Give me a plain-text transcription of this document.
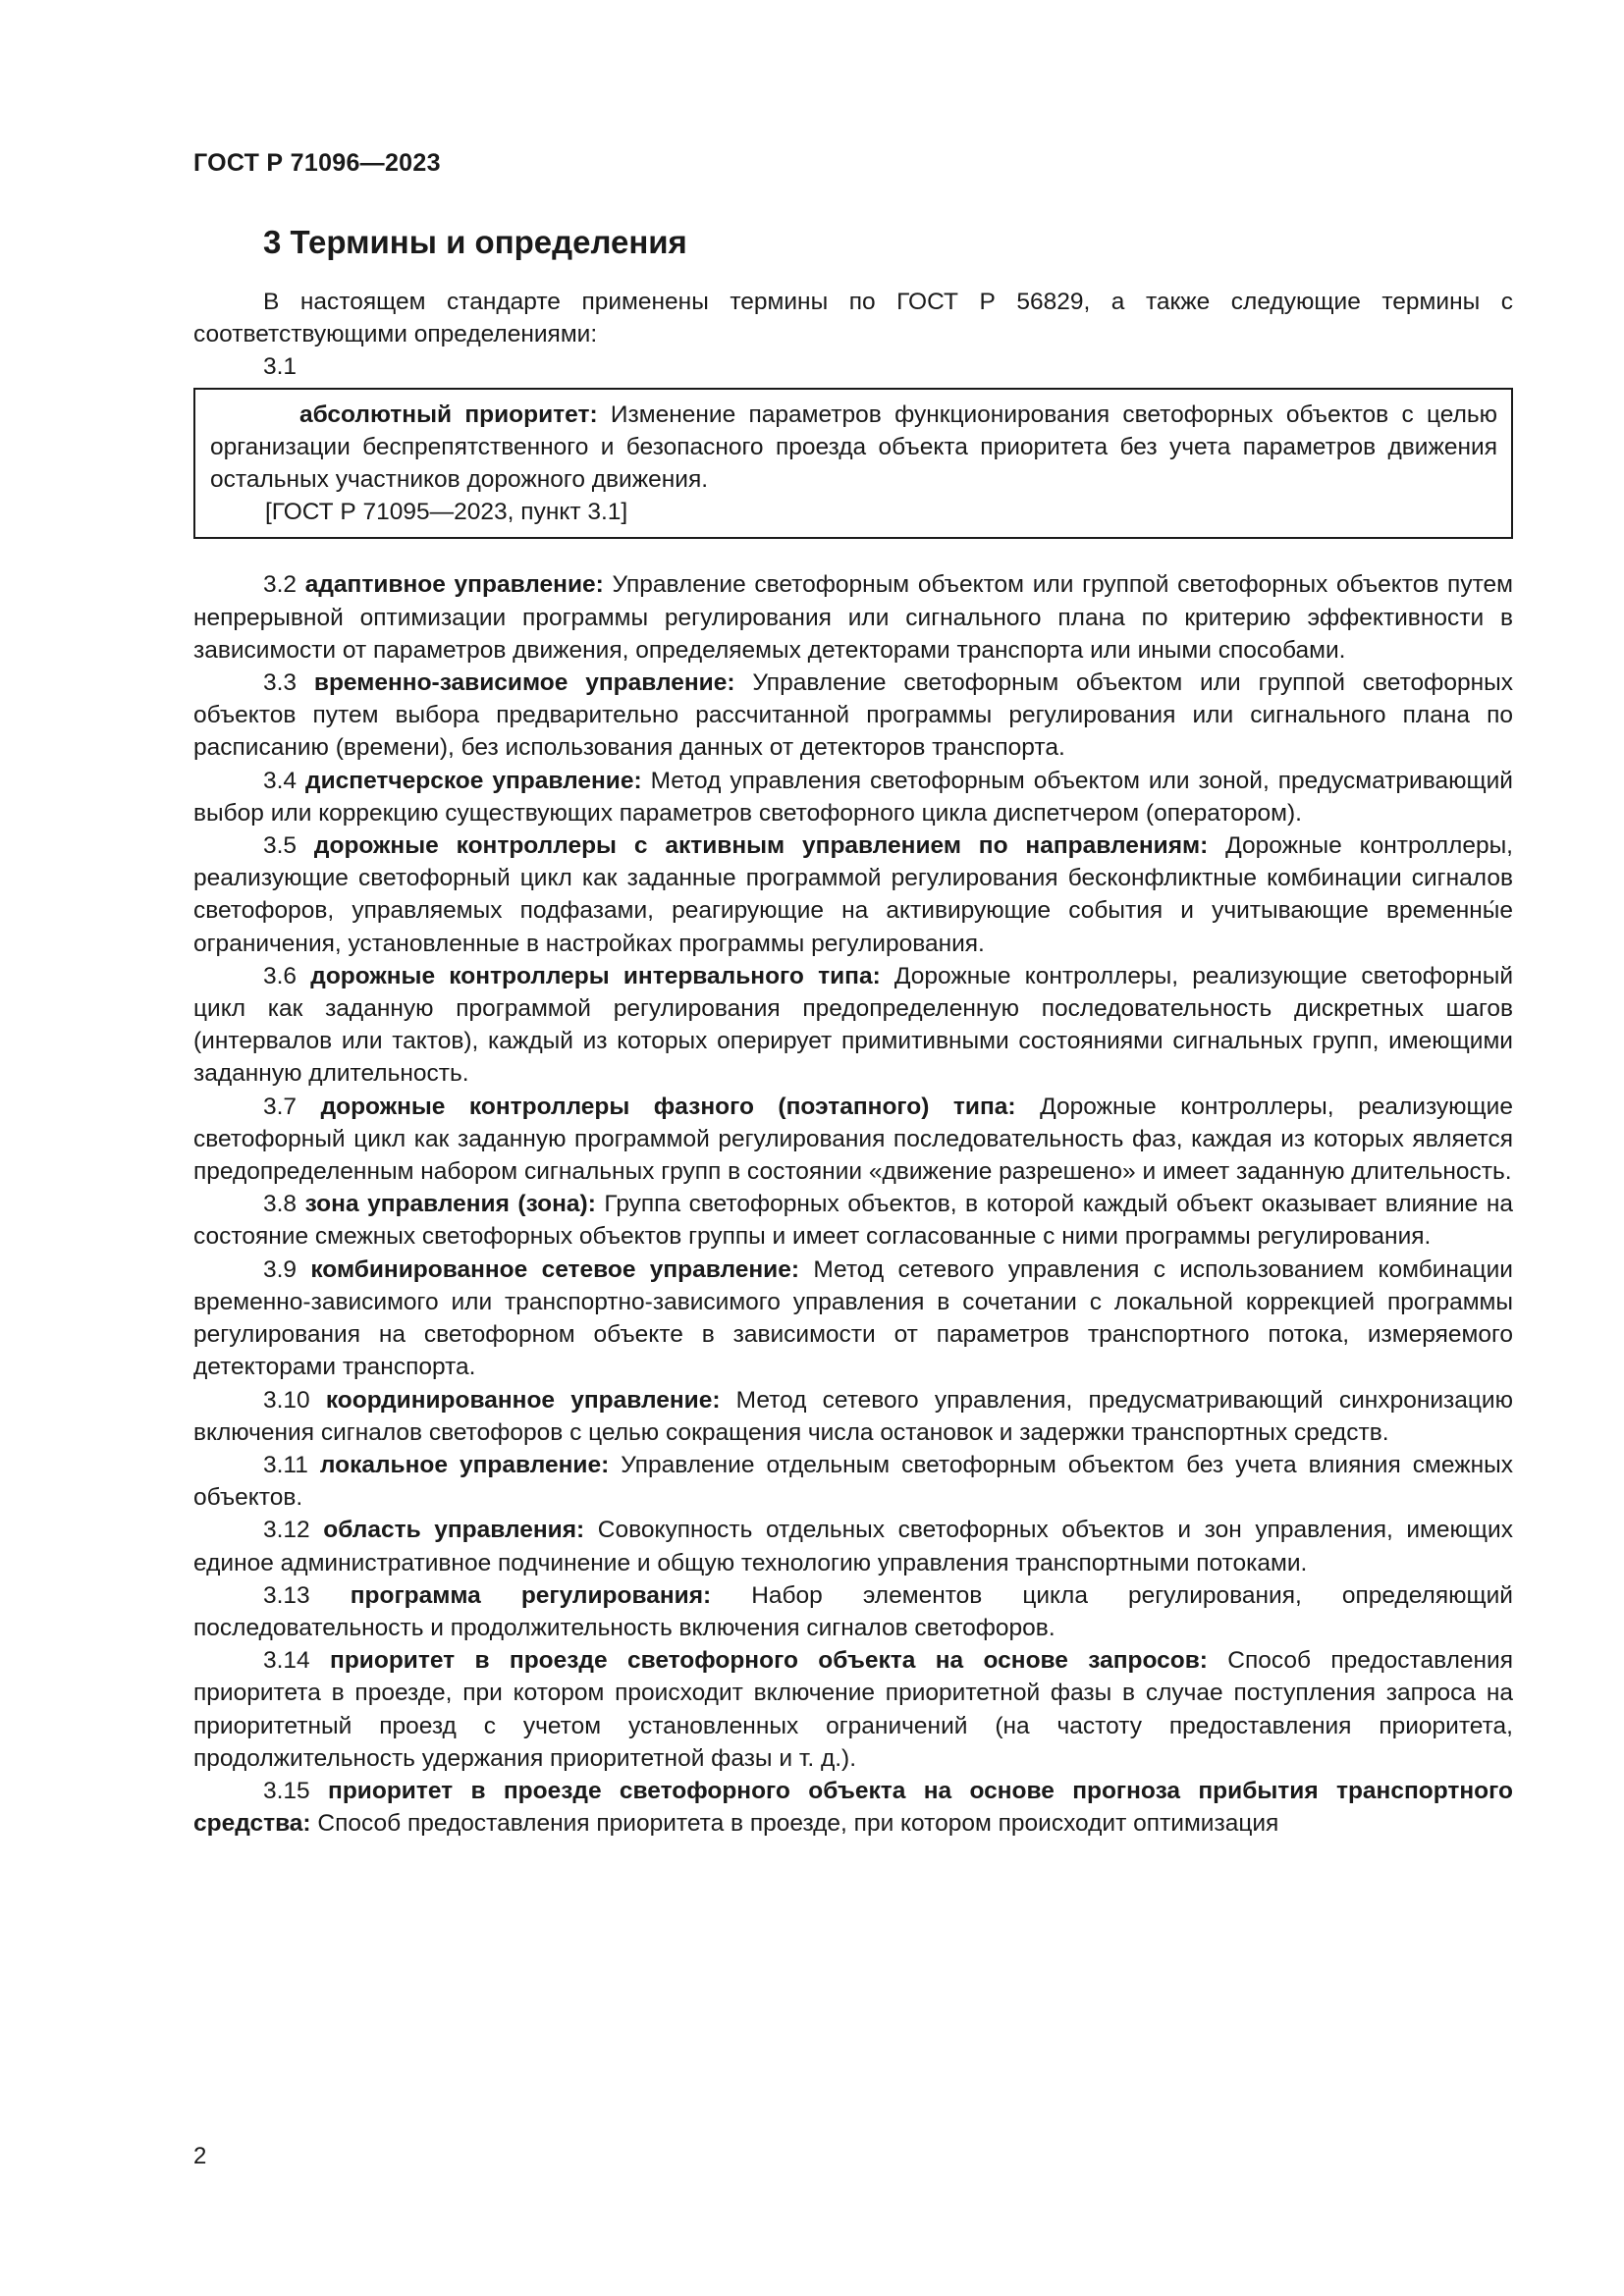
ГОСТ Р 71096—2023
3 Термины и определения

В настоящем стандарте применены термины по ГОСТ Р 56829, а также следующие термины с соответствующими определениями:

3.1

абсолютный приоритет: Изменение параметров функционирования светофорных объектов с целью организации беспрепятственного и безопасного проезда объекта приоритета без учета параметров движения остальных участников дорожного движения.

[ГОСТ Р 71095—2023, пункт 3.1]

3.2 адаптивное управление: Управление светофорным объектом или группой светофорных объектов путем непрерывной оптимизации программы регулирования или сигнального плана по критерию эффективности в зависимости от параметров движения, определяемых детекторами транспорта или иными способами.

3.3 временно-зависимое управление: Управление светофорным объектом или группой светофорных объектов путем выбора предварительно рассчитанной программы регулирования или сигнального плана по расписанию (времени), без использования данных от детекторов транспорта.

3.4 диспетчерское управление: Метод управления светофорным объектом или зоной, предусматривающий выбор или коррекцию существующих параметров светофорного цикла диспетчером (оператором).

3.5 дорожные контроллеры с активным управлением по направлениям: Дорожные контроллеры, реализующие светофорный цикл как заданные программой регулирования бесконфликтные комбинации сигналов светофоров, управляемых подфазами, реагирующие на активирующие события и учитывающие временны́е ограничения, установленные в настройках программы регулирования.

3.6 дорожные контроллеры интервального типа: Дорожные контроллеры, реализующие светофорный цикл как заданную программой регулирования предопределенную последовательность дискретных шагов (интервалов или тактов), каждый из которых оперирует примитивными состояниями сигнальных групп, имеющими заданную длительность.

3.7 дорожные контроллеры фазного (поэтапного) типа: Дорожные контроллеры, реализующие светофорный цикл как заданную программой регулирования последовательность фаз, каждая из которых является предопределенным набором сигнальных групп в состоянии «движение разрешено» и имеет заданную длительность.

3.8 зона управления (зона): Группа светофорных объектов, в которой каждый объект оказывает влияние на состояние смежных светофорных объектов группы и имеет согласованные с ними программы регулирования.

3.9 комбинированное сетевое управление: Метод сетевого управления с использованием комбинации временно-зависимого или транспортно-зависимого управления в сочетании с локальной коррекцией программы регулирования на светофорном объекте в зависимости от параметров транспортного потока, измеряемого детекторами транспорта.

3.10 координированное управление: Метод сетевого управления, предусматривающий синхронизацию включения сигналов светофоров с целью сокращения числа остановок и задержки транспортных средств.

3.11 локальное управление: Управление отдельным светофорным объектом без учета влияния смежных объектов.

3.12 область управления: Совокупность отдельных светофорных объектов и зон управления, имеющих единое административное подчинение и общую технологию управления транспортными потоками.

3.13 программа регулирования: Набор элементов цикла регулирования, определяющий последовательность и продолжительность включения сигналов светофоров.

3.14 приоритет в проезде светофорного объекта на основе запросов: Способ предоставления приоритета в проезде, при котором происходит включение приоритетной фазы в случае поступления запроса на приоритетный проезд с учетом установленных ограничений (на частоту предоставления приоритета, продолжительность удержания приоритетной фазы и т. д.).

3.15 приоритет в проезде светофорного объекта на основе прогноза прибытия транспортного средства: Способ предоставления приоритета в проезде, при котором происходит оптимизация

2
